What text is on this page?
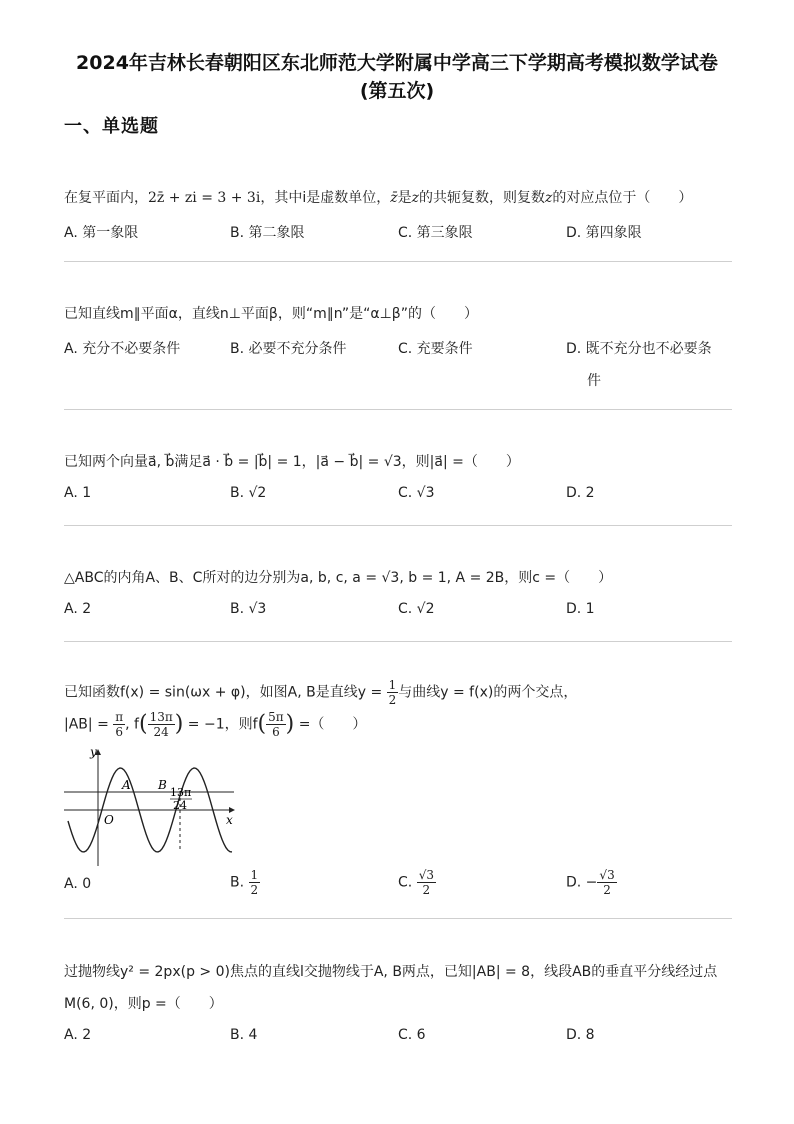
2024年吉林长春朝阳区东北师范大学附属中学高三下学期高考模拟数学试卷
(第五次)
一、单选题
在复平面内，2z̄ + zi = 3 + 3i，其中i是虚数单位，z̄是z的共轭复数，则复数z的对应点位于（　　）
A. 第一象限	B. 第二象限	C. 第三象限	D. 第四象限
已知直线m∥平面α，直线n⊥平面β，则“m∥n”是“α⊥β”的（　　）
A. 充分不必要条件	B. 必要不充分条件	C. 充要条件	D. 既不充分也不必要条
件
已知两个向量a⃗, b⃗满足a⃗ · b⃗ = |b⃗| = 1，|a⃗ − b⃗| = √3，则|a⃗| =（　　）
A. 1	B. √2	C. √3	D. 2
△ABC的内角A、B、C所对的边分别为a, b, c, a = √3, b = 1, A = 2B，则c =（　　）
A. 2	B. √3	C. √2	D. 1
已知函数f(x) = sin(ωx + φ)，如图A, B是直线$y = \frac{1}{2}$ 与曲线y = f(x)的两个交点，
$|AB| = \frac{\pi}{6}$ , $f( \frac{13\pi}{24}$ ) = −1，则$f( \frac{5\pi}{6}$ ) =（　　）
y
x
O
A B
13π
24
A. 0	B. $\frac{1}{2}$	C. $\frac{√3}{2}$	D. − $\frac{√3}{2}$
过抛物线y² = 2px(p > 0)焦点的直线l交抛物线于A, B两点，已知|AB| = 8，线段AB的垂直平分线经过点
M(6, 0)，则p =（　　）
A. 2	B. 4	C. 6	D. 8
